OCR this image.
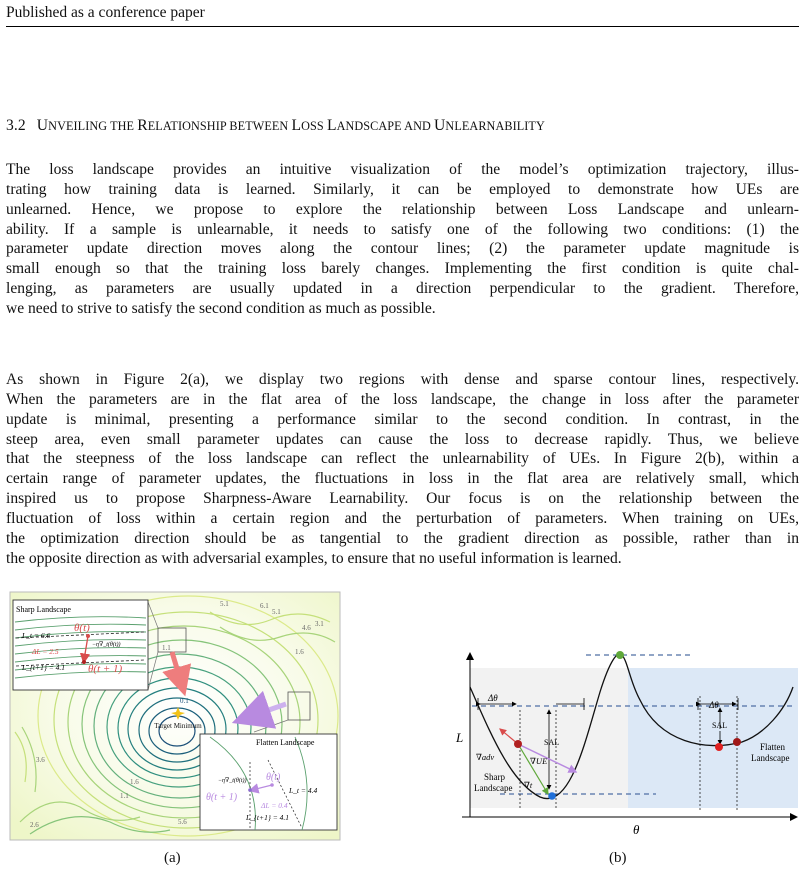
Published as a conference paper
3.2 UNVEILING THE RELATIONSHIP BETWEEN LOSS LANDSCAPE AND UNLEARNABILITY
The loss landscape provides an intuitive visualization of the model’s optimization trajectory, illus-
trating how training data is learned. Similarly, it can be employed to demonstrate how UEs are
unlearned. Hence, we propose to explore the relationship between Loss Landscape and unlearn-
ability. If a sample is unlearnable, it needs to satisfy one of the following two conditions: (1) the
parameter update direction moves along the contour lines; (2) the parameter update magnitude is
small enough so that the training loss barely changes. Implementing the first condition is quite chal-
lenging, as parameters are usually updated in a direction perpendicular to the gradient. Therefore,
we need to strive to satisfy the second condition as much as possible.
As shown in Figure 2(a), we display two regions with dense and sparse contour lines, respectively.
When the parameters are in the flat area of the loss landscape, the change in loss after the parameter
update is minimal, presenting a performance similar to the second condition. In contrast, in the
steep area, even small parameter updates can cause the loss to decrease rapidly. Thus, we believe
that the steepness of the loss landscape can reflect the unlearnability of UEs. In Figure 2(b), within a
certain range of parameter updates, the fluctuations in loss in the flat area are relatively small, which
inspired us to propose Sharpness-Aware Learnability. Our focus is on the relationship between the
fluctuation of loss within a certain region and the perturbation of parameters. When training on UEs,
the optimization direction should be as tangential to the gradient direction as possible, rather than in
the opposite direction as with adversarial examples, to ensure that no useful information is learned.
1.1
1.1
1.6
1.6
2.6
3.1
3.6
4.6
5.1
5.1
5.6
6.1
0.1
Target Minimum
Sharp Landscape
L_t = 6.6
L_{t+1} = 4.1
ΔL = 2.5
−η∇_t(θ(t))
θ(t)
θ(t + 1)
Flatten Landscape
θ(t)
θ(t + 1)
−η∇_t(θ(t))
L_t = 4.4
L_{t+1} = 4.1
ΔL = 0.4
L
θ
Δθ
SAL
Δθ
SAL
∇adv	∇UE
∇t
Sharp
Landscape
Flatten
Landscape
(a)	(b)
